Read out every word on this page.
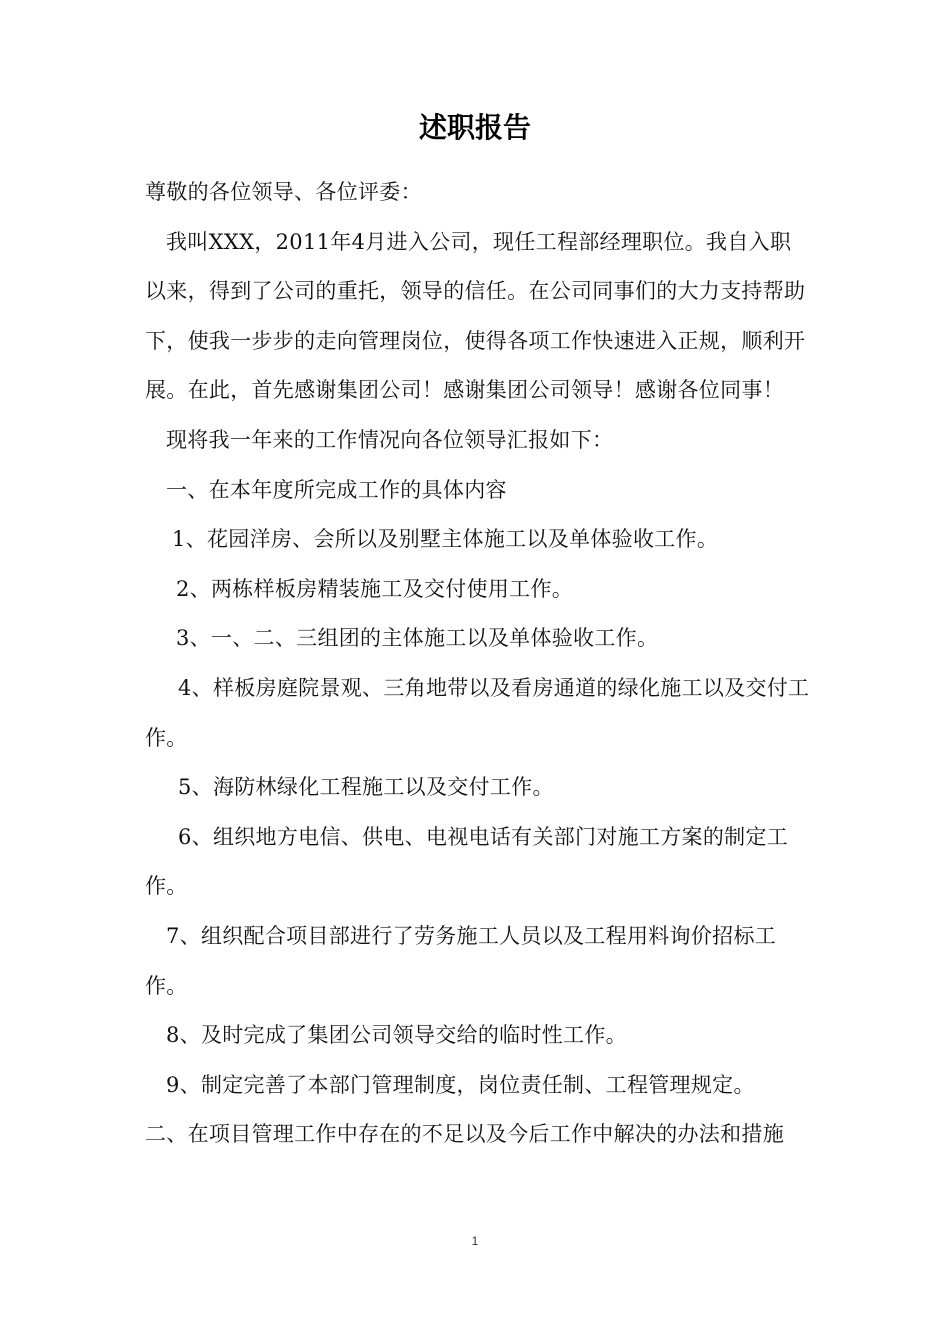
述职报告

尊敬的各位领导、各位评委：

我叫XXX，2011年4月进入公司，现任工程部经理职位。我自入职以来，得到了公司的重托，领导的信任。在公司同事们的大力支持帮助下，使我一步步的走向管理岗位，使得各项工作快速进入正规，顺利开展。在此，首先感谢集团公司！感谢集团公司领导！感谢各位同事！

现将我一年来的工作情况向各位领导汇报如下：

一、在本年度所完成工作的具体内容

1、花园洋房、会所以及别墅主体施工以及单体验收工作。

2、两栋样板房精装施工及交付使用工作。

3、一、二、三组团的主体施工以及单体验收工作。

4、样板房庭院景观、三角地带以及看房通道的绿化施工以及交付工作。

5、海防林绿化工程施工以及交付工作。

6、组织地方电信、供电、电视电话有关部门对施工方案的制定工作。

7、组织配合项目部进行了劳务施工人员以及工程用料询价招标工作。

8、及时完成了集团公司领导交给的临时性工作。

9、制定完善了本部门管理制度，岗位责任制、工程管理规定。

二、在项目管理工作中存在的不足以及今后工作中解决的办法和措施

1
